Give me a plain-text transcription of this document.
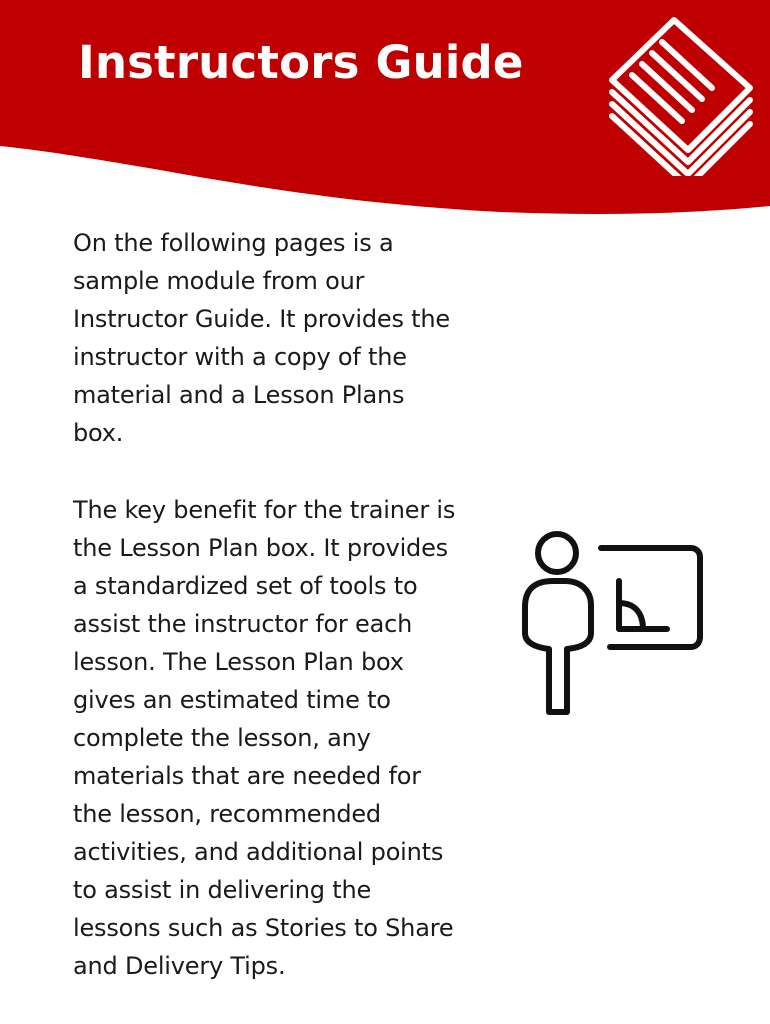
Instructors Guide

On the following pages is a
sample module from our
Instructor Guide. It provides the
instructor with a copy of the
material and a Lesson Plans
box.

The key benefit for the trainer is
the Lesson Plan box. It provides
a standardized set of tools to
assist the instructor for each
lesson. The Lesson Plan box
gives an estimated time to
complete the lesson, any
materials that are needed for
the lesson, recommended
activities, and additional points
to assist in delivering the
lessons such as Stories to Share
and Delivery Tips.
